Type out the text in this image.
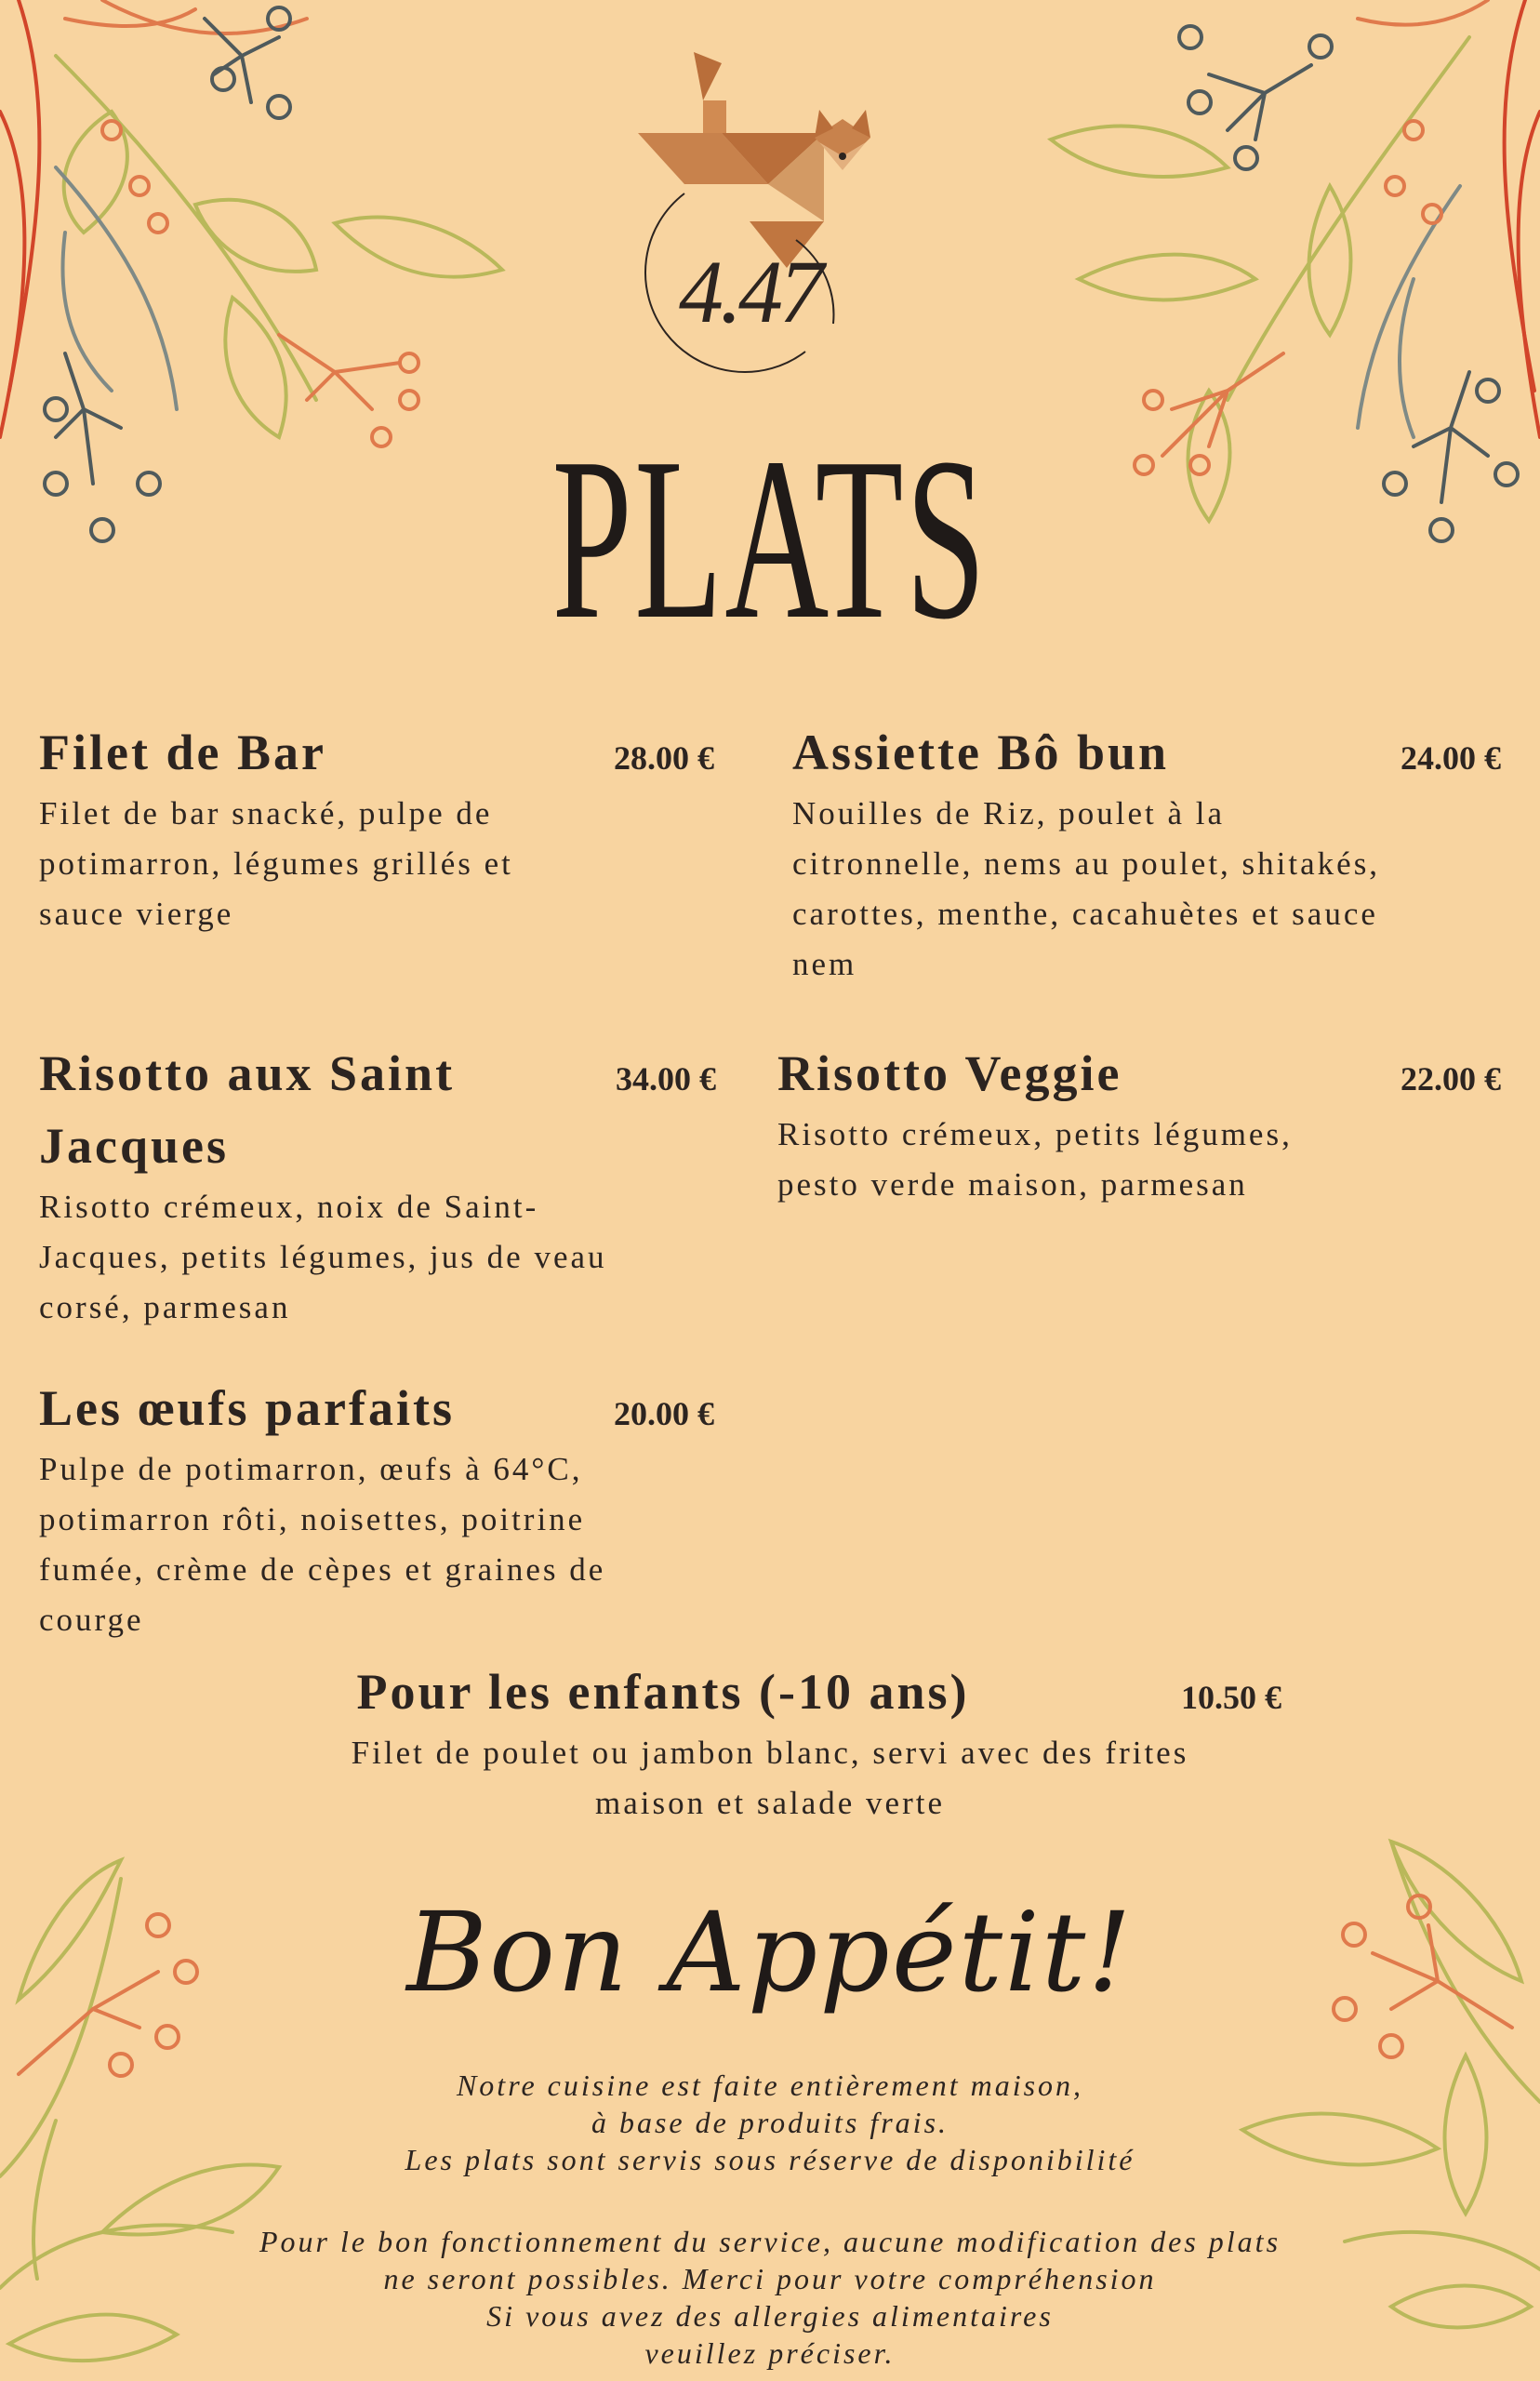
4.47
PLATS
Filet de Bar	28.00 €
Filet de bar snacké, pulpe de
potimarron, légumes grillés et
sauce vierge
Assiette Bô bun	24.00 €
Nouilles de Riz, poulet à la
citronnelle, nems au poulet, shitakés,
carottes, menthe, cacahuètes et sauce
nem
Risotto aux Saint
Jacques
34.00 €
Risotto crémeux, noix de Saint-
Jacques, petits légumes, jus de veau
corsé, parmesan
Risotto Veggie	22.00 €
Risotto crémeux, petits légumes,
pesto verde maison, parmesan
Les œufs parfaits	20.00 €
Pulpe de potimarron, œufs à 64°C,
potimarron rôti, noisettes, poitrine
fumée, crème de cèpes et graines de
courge
Pour les enfants (-10 ans)	10.50 €
Filet de poulet ou jambon blanc, servi avec des frites
maison et salade verte
Bon Appétit!
Notre cuisine est faite entièrement maison,
à base de produits frais.
Les plats sont servis sous réserve de disponibilité
Pour le bon fonctionnement du service, aucune modification des plats
ne seront possibles. Merci pour votre compréhension
Si vous avez des allergies alimentaires
veuillez préciser.
